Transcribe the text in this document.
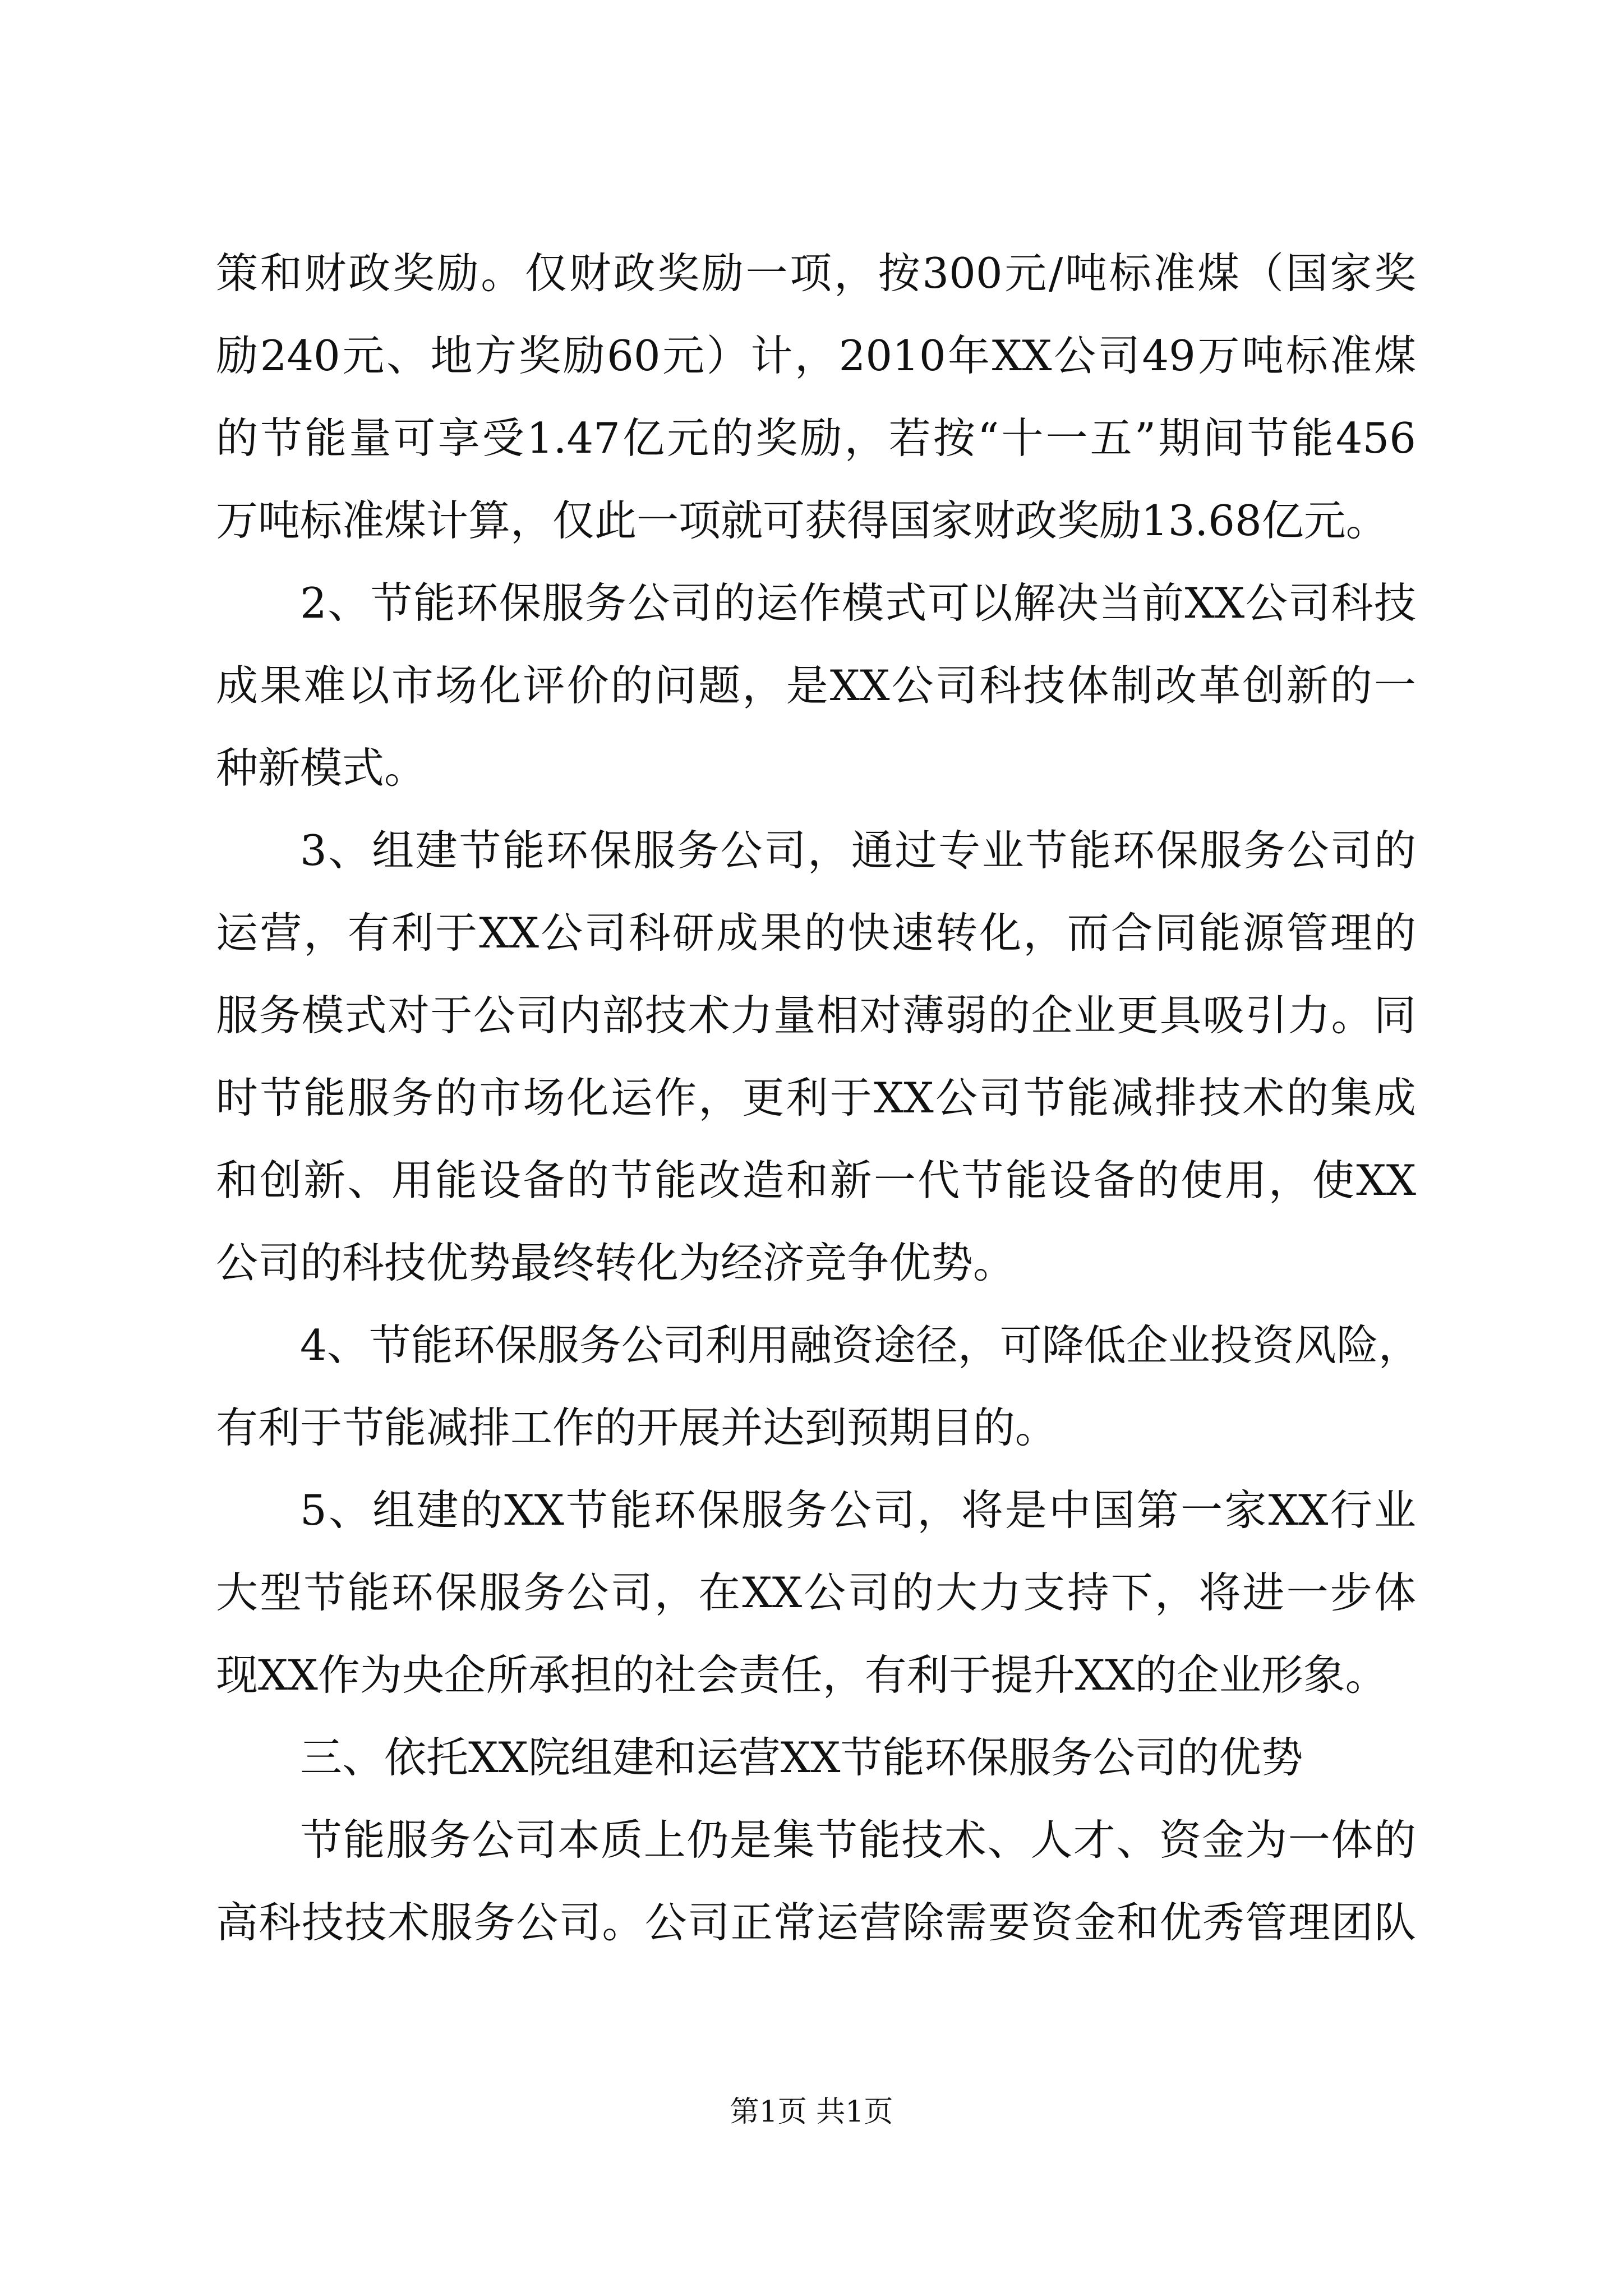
策和财政奖励。仅财政奖励一项，按300元/吨标准煤（国家奖
励240元、地方奖励60元）计，2010年XX公司49万吨标准煤
的节能量可享受1.47亿元的奖励，若按“十一五”期间节能456
万吨标准煤计算，仅此一项就可获得国家财政奖励13.68亿元。
2、节能环保服务公司的运作模式可以解决当前XX公司科技
成果难以市场化评价的问题，是XX公司科技体制改革创新的一
种新模式。
3、组建节能环保服务公司，通过专业节能环保服务公司的
运营，有利于XX公司科研成果的快速转化，而合同能源管理的
服务模式对于公司内部技术力量相对薄弱的企业更具吸引力。同
时节能服务的市场化运作，更利于XX公司节能减排技术的集成
和创新、用能设备的节能改造和新一代节能设备的使用，使XX
公司的科技优势最终转化为经济竞争优势。
4、节能环保服务公司利用融资途径，可降低企业投资风险，
有利于节能减排工作的开展并达到预期目的。
5、组建的XX节能环保服务公司，将是中国第一家XX行业
大型节能环保服务公司，在XX公司的大力支持下，将进一步体
现XX作为央企所承担的社会责任，有利于提升XX的企业形象。
三、依托XX院组建和运营XX节能环保服务公司的优势
节能服务公司本质上仍是集节能技术、人才、资金为一体的
高科技技术服务公司。公司正常运营除需要资金和优秀管理团队
第1页 共1页
